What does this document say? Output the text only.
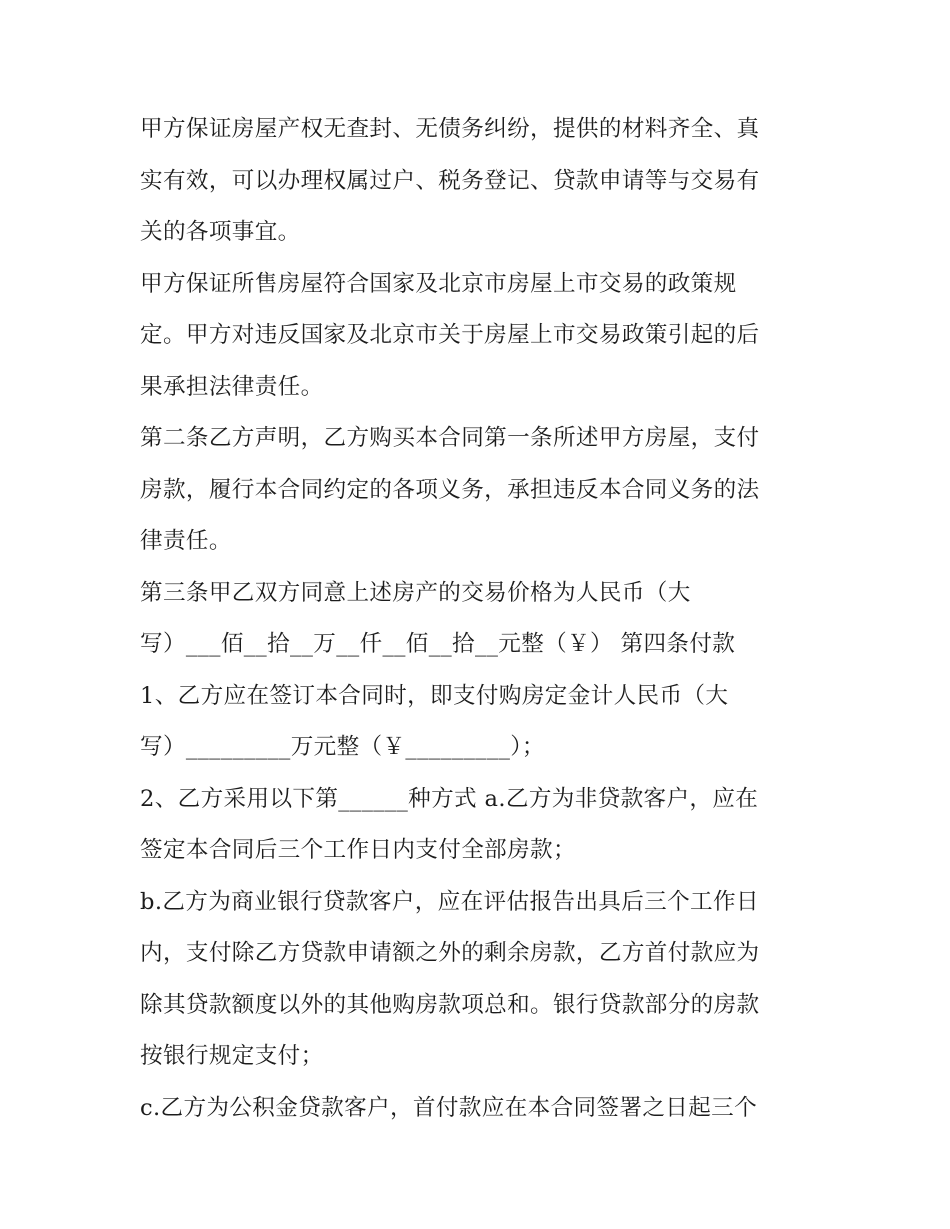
甲方保证房屋产权无查封、无债务纠纷，提供的材料齐全、真
实有效，可以办理权属过户、税务登记、贷款申请等与交易有
关的各项事宜。

甲方保证所售房屋符合国家及北京市房屋上市交易的政策规
定。甲方对违反国家及北京市关于房屋上市交易政策引起的后
果承担法律责任。

第二条乙方声明，乙方购买本合同第一条所述甲方房屋，支付
房款，履行本合同约定的各项义务，承担违反本合同义务的法
律责任。

第三条甲乙双方同意上述房产的交易价格为人民币（大
写）___佰__拾__万__仟__佰__拾__元整（￥） 第四条付款

1、乙方应在签订本合同时，即支付购房定金计人民币（大
写）_________万元整（￥_________）；

2、乙方采用以下第______种方式 a.乙方为非贷款客户，应在
签定本合同后三个工作日内支付全部房款；

b.乙方为商业银行贷款客户，应在评估报告出具后三个工作日
内，支付除乙方贷款申请额之外的剩余房款，乙方首付款应为
除其贷款额度以外的其他购房款项总和。银行贷款部分的房款
按银行规定支付；

c.乙方为公积金贷款客户，首付款应在本合同签署之日起三个
